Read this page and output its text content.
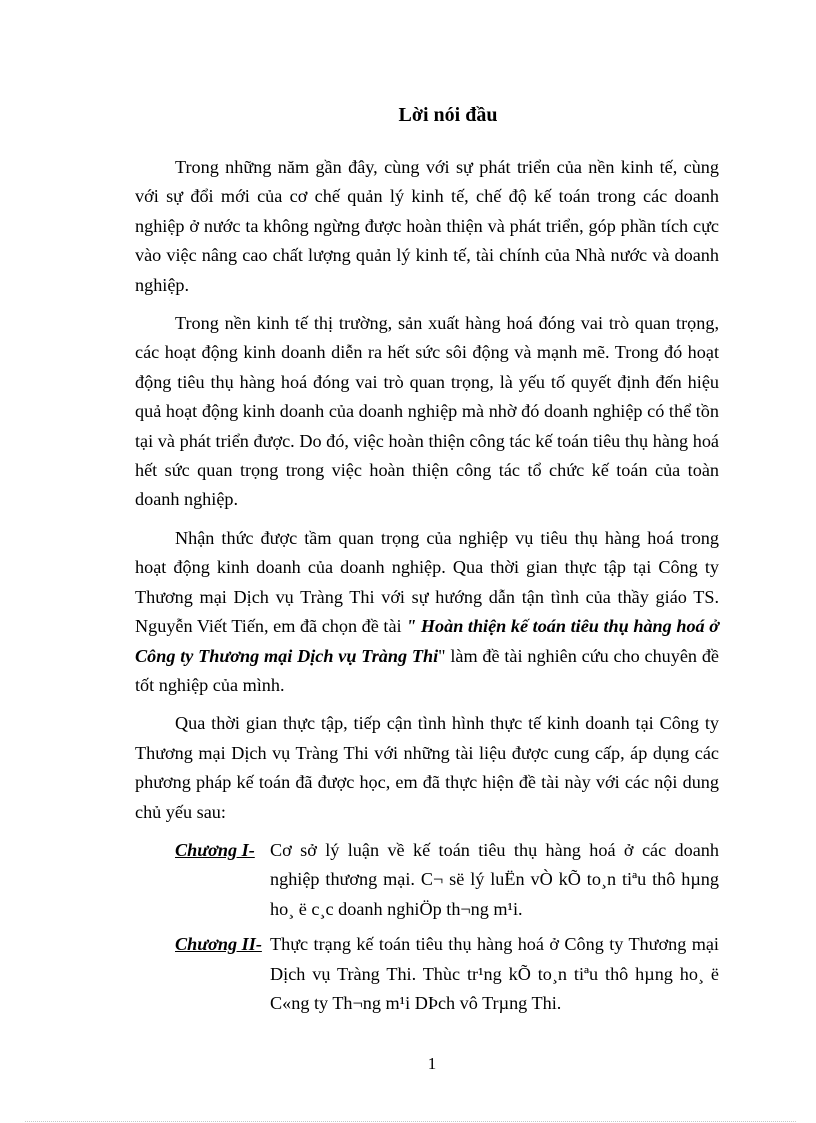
Lời nói đầu

Trong những năm gần đây, cùng với sự phát triển của nền kinh tế, cùng với sự đổi mới của cơ chế quản lý kinh tế, chế độ kế toán trong các doanh nghiệp ở nước ta không ngừng được hoàn thiện và phát triển, góp phần tích cực vào việc nâng cao chất lượng quản lý kinh tế, tài chính của Nhà nước và doanh nghiệp.

Trong nền kinh tế thị trường, sản xuất hàng hoá đóng vai trò quan trọng, các hoạt động kinh doanh diễn ra hết sức sôi động và mạnh mẽ. Trong đó hoạt động tiêu thụ hàng hoá đóng vai trò quan trọng, là yếu tố quyết định đến hiệu quả hoạt động kinh doanh của doanh nghiệp mà nhờ đó doanh nghiệp có thể tồn tại và phát triển được. Do đó, việc hoàn thiện công tác kế toán tiêu thụ hàng hoá hết sức quan trọng trong việc hoàn thiện công tác tổ chức kế toán của toàn doanh nghiệp.

Nhận thức được tầm quan trọng của nghiệp vụ tiêu thụ hàng hoá trong hoạt động kinh doanh của doanh nghiệp. Qua thời gian thực tập tại Công ty Thương mại Dịch vụ Tràng Thi với sự hướng dẫn tận tình của thầy giáo TS. Nguyễn Viết Tiến, em đã chọn đề tài " Hoàn thiện kế toán tiêu thụ hàng hoá ở Công ty Thương mại Dịch vụ Tràng Thi" làm đề tài nghiên cứu cho chuyên đề tốt nghiệp của mình.

Qua thời gian thực tập, tiếp cận tình hình thực tế kinh doanh tại Công ty Thương mại Dịch vụ Tràng Thi với những tài liệu được cung cấp, áp dụng các phương pháp kế toán đã được học, em đã thực hiện đề tài này với các nội dung chủ yếu sau:

Chương I- Cơ sở lý luận về kế toán tiêu thụ hàng hoá ở các doanh nghiệp thương mại. C¬ së lý luËn vÒ kÕ to¸n tiªu thô hµng ho¸ ë c¸c doanh nghiÖp th¬ng m¹i.
Chương II- Thực trạng kế toán tiêu thụ hàng hoá ở Công ty Thương mại Dịch vụ Tràng Thi. Thùc tr¹ng kÕ to¸n tiªu thô hµng ho¸ ë C«ng ty Th¬ng m¹i DÞch vô Trµng Thi.
1
